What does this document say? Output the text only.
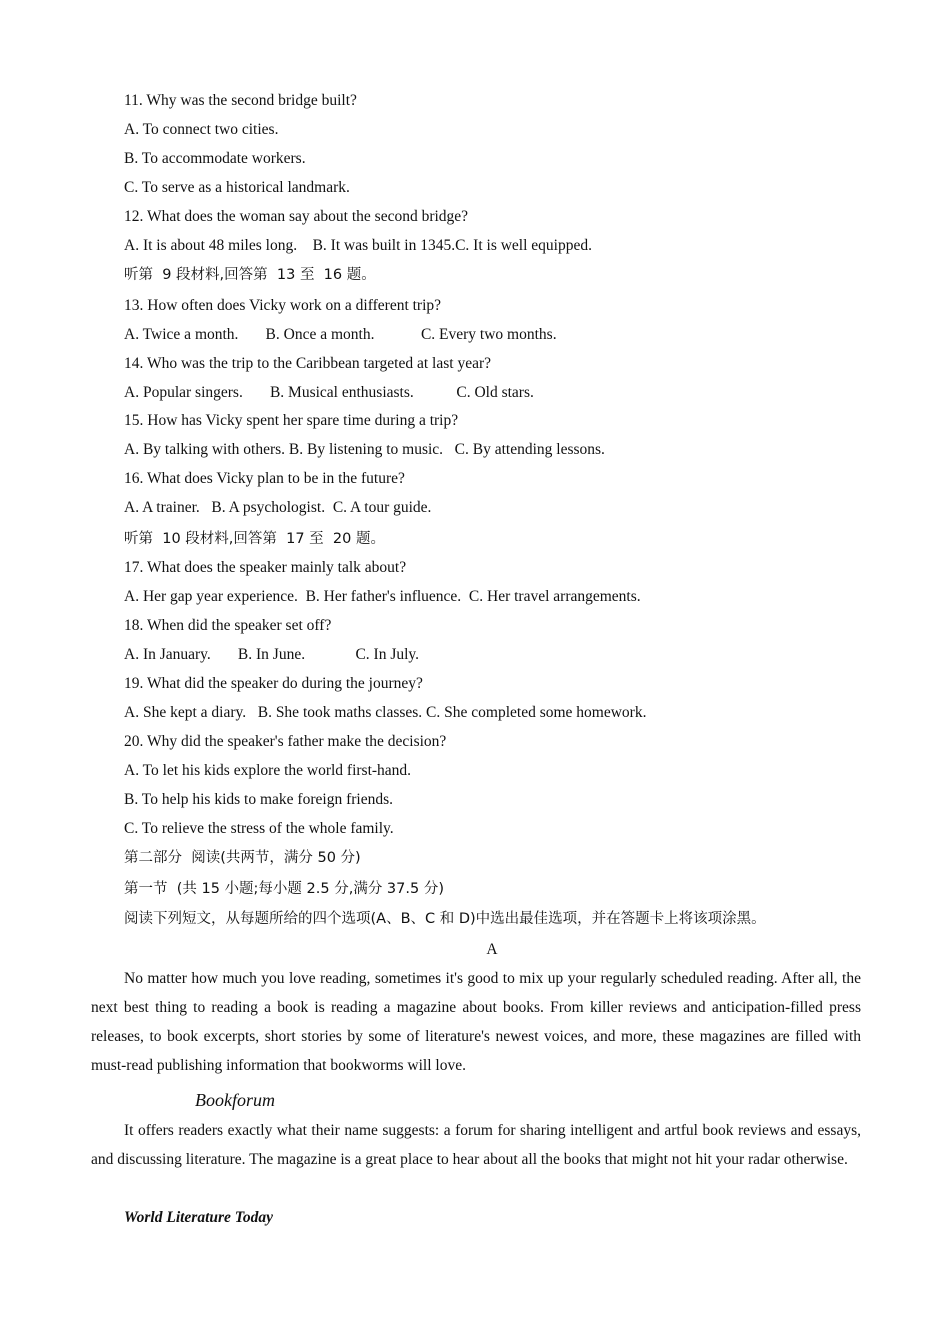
11. Why was the second bridge built?
A. To connect two cities.
B. To accommodate workers.
C. To serve as a historical landmark.
12. What does the woman say about the second bridge?
A. It is about 48 miles long.    B. It was built in 1345.C. It is well equipped.
听第  9 段材料,回答第  13 至  16 题。
13. How often does Vicky work on a different trip?
A. Twice a month.       B. Once a month.            C. Every two months.
14. Who was the trip to the Caribbean targeted at last year?
A. Popular singers.       B. Musical enthusiasts.           C. Old stars.
15. How has Vicky spent her spare time during a trip?
A. By talking with others. B. By listening to music.   C. By attending lessons.
16. What does Vicky plan to be in the future?
A. A trainer.   B. A psychologist.  C. A tour guide.
听第  10 段材料,回答第  17 至  20 题。
17. What does the speaker mainly talk about?
A. Her gap year experience.  B. Her father's influence.  C. Her travel arrangements.
18. When did the speaker set off?
A. In January.       B. In June.             C. In July.
19. What did the speaker do during the journey?
A. She kept a diary.   B. She took maths classes. C. She completed some homework.
20. Why did the speaker's father make the decision?
A. To let his kids explore the world first-hand.
B. To help his kids to make foreign friends.
C. To relieve the stress of the whole family.
第二部分  阅读(共两节，满分 50 分)
第一节  (共 15 小题;每小题 2.5 分,满分 37.5 分)
阅读下列短文，从每题所给的四个选项(A、B、C 和 D)中选出最佳选项，并在答题卡上将该项涂黑。
A
No matter how much you love reading, sometimes it's good to mix up your regularly scheduled reading. After all, the next best thing to reading a book is reading a magazine about books. From killer reviews and anticipation-filled press releases, to book excerpts, short stories by some of literature's newest voices, and more, these magazines are filled with must-read publishing information that bookworms will love.
Bookforum
It offers readers exactly what their name suggests: a forum for sharing intelligent and artful book reviews and essays, and discussing literature. The magazine is a great place to hear about all the books that might not hit your radar otherwise.
World Literature Today
